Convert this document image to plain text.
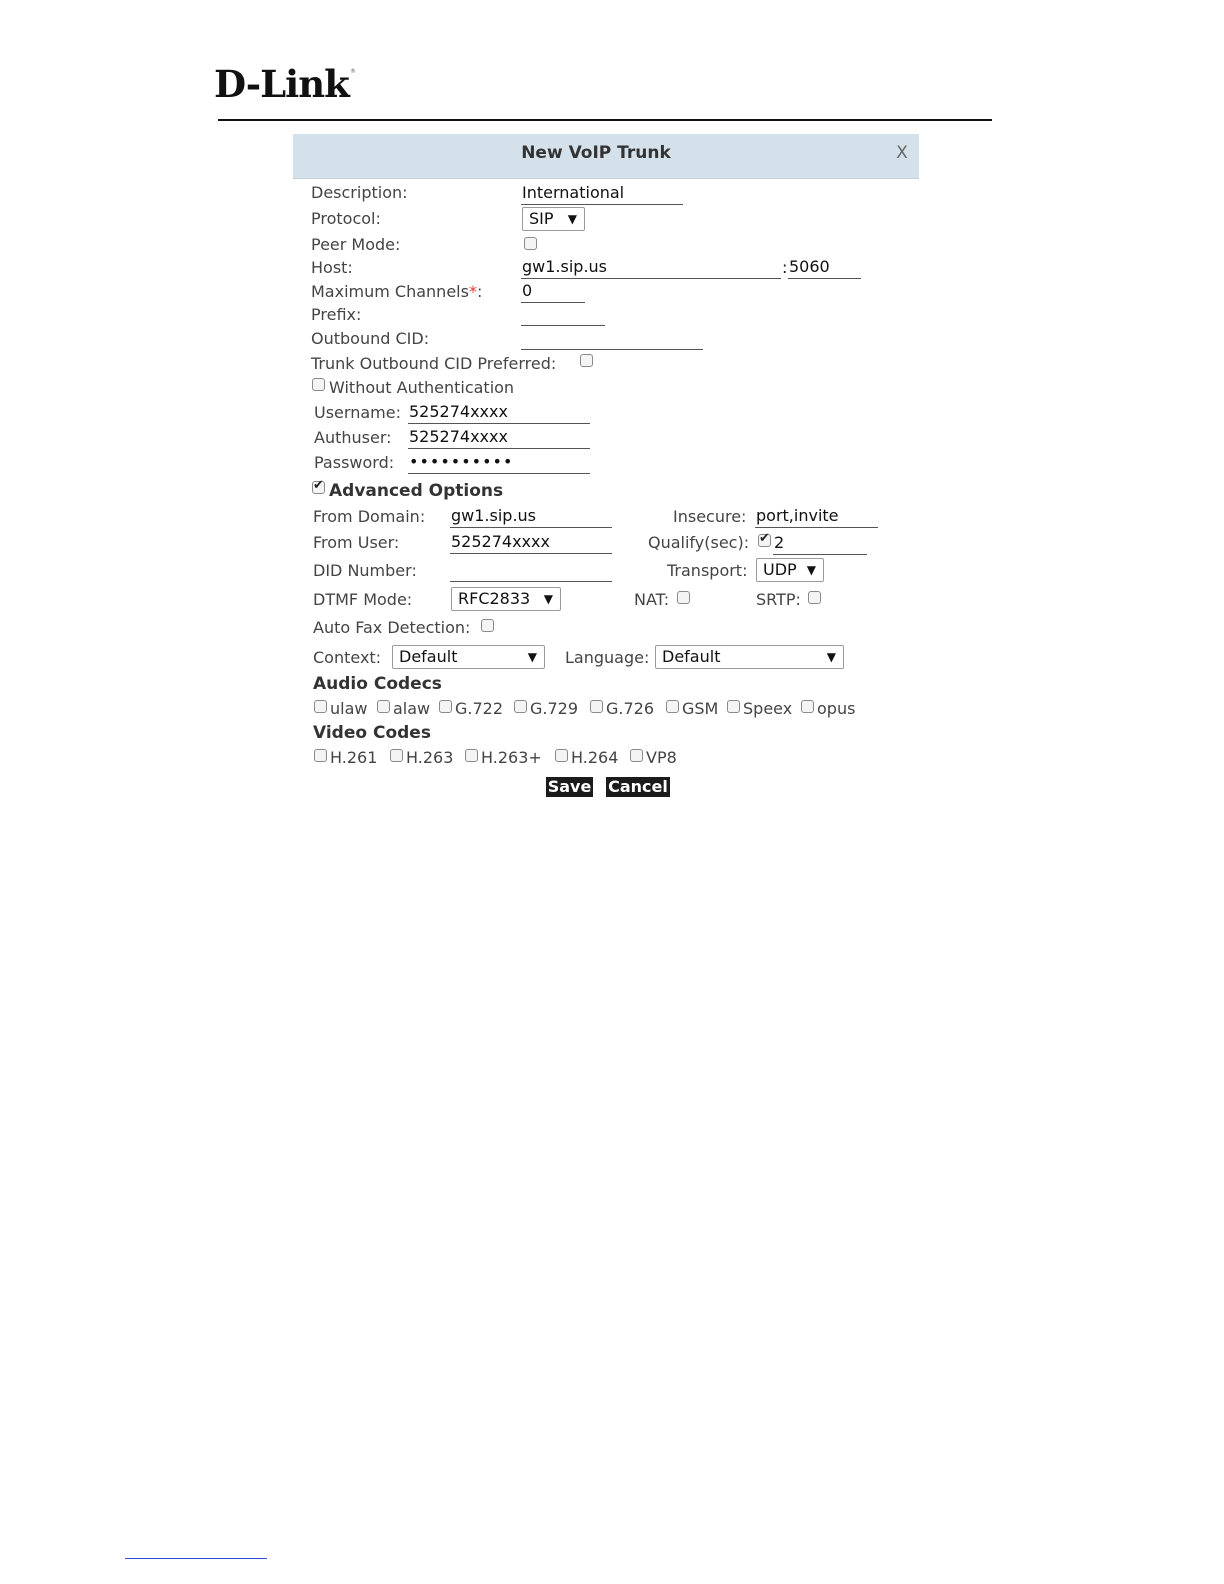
D-Link ®
New VoIP Trunk	X
Description:
International
Protocol:	SIP ▼
Peer Mode:
Host:
gw1.sip.us	:
5060
Maximum Channels*:
0
Prefix:
Outbound CID:
Trunk Outbound CID Preferred:
Without Authentication
Username:
525274xxxx
Authuser:
525274xxxx
Password:
••••••••••
✔
Advanced Options
From Domain:
gw1.sip.us	Insecure:
port,invite
From User:
525274xxxx	Qualify(sec):
✔
2
DID Number:	Transport: UDP ▼
DTMF Mode:	RFC2833 ▼	NAT:	SRTP:
Auto Fax Detection:
Context:	Default	▼ Language: Default	▼
Audio Codecs
ulaw alaw G.722 G.729 G.726 GSM Speex opus
Video Codes
H.261 H.263 H.263+ H.264 VP8
Save Cancel
